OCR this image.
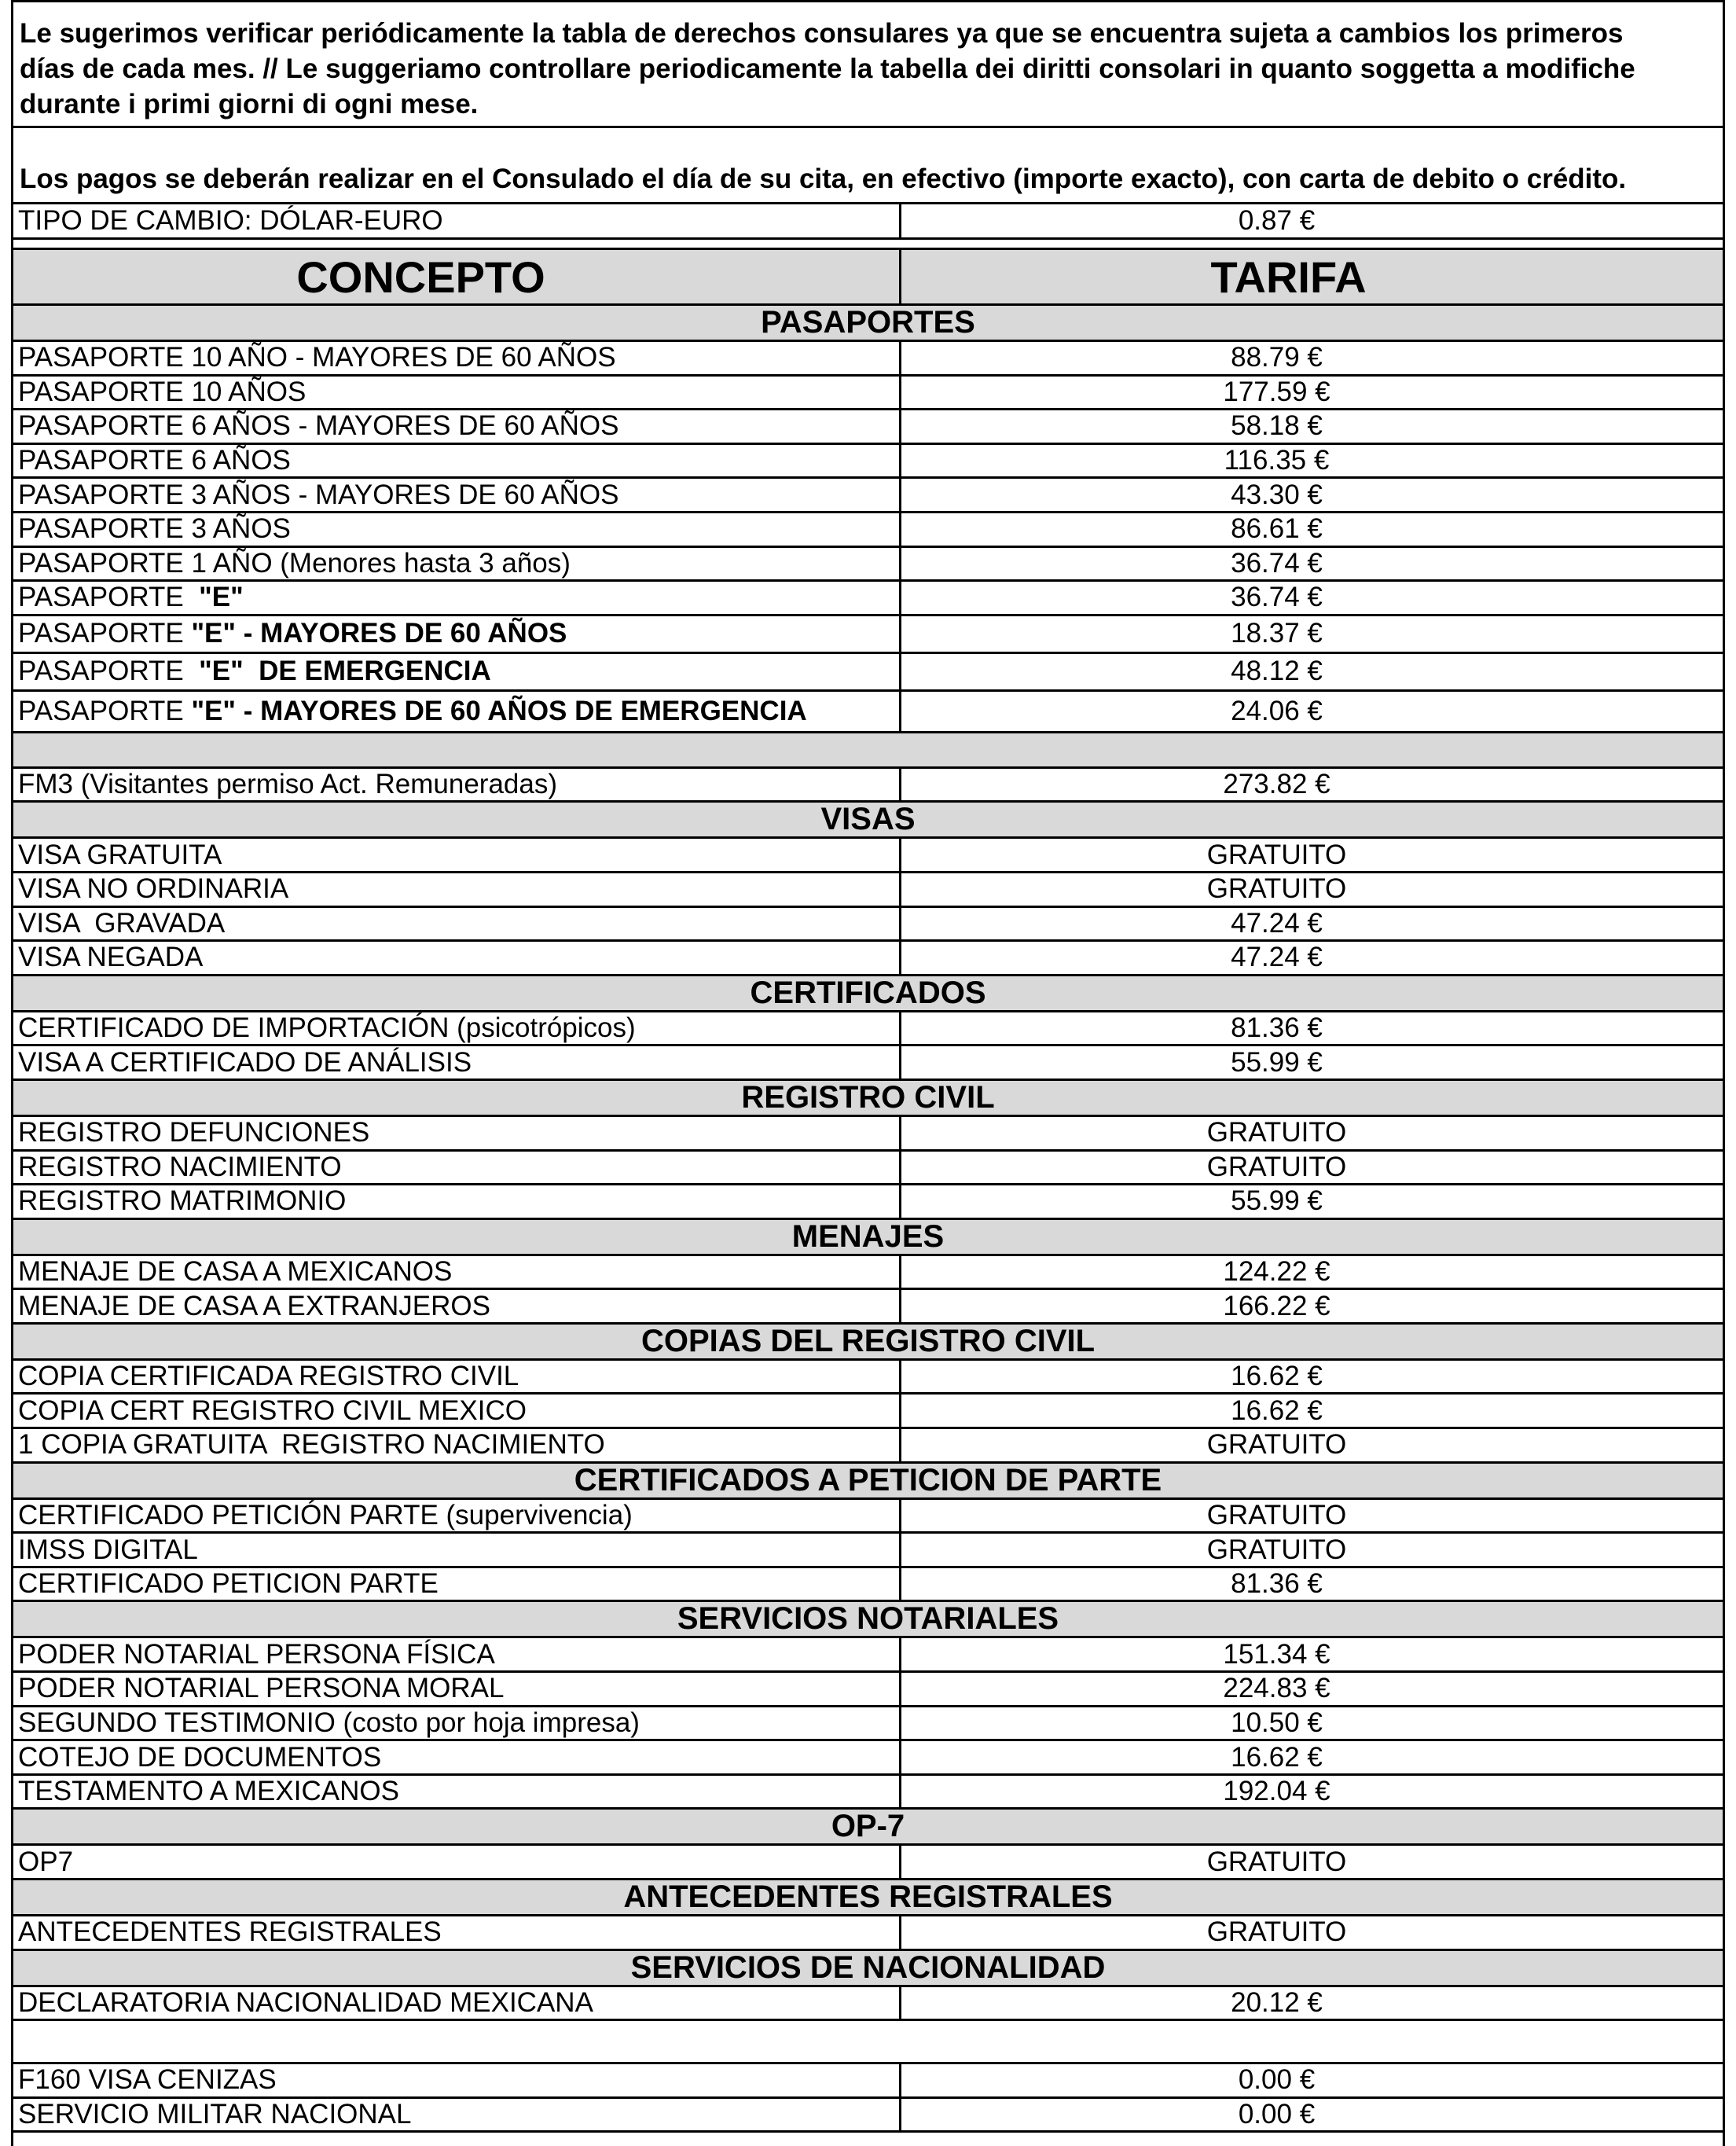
Le sugerimos verificar periódicamente la tabla de derechos consulares ya que se encuentra sujeta a cambios los primeros
días de cada mes. // Le suggeriamo controllare periodicamente la tabella dei diritti consolari in quanto soggetta a modifiche
durante i primi giorni di ogni mese.
Los pagos se deberán realizar en el Consulado el día de su cita, en efectivo (importe exacto), con carta de debito o crédito.
TIPO DE CAMBIO: DÓLAR-EURO	0.87 €
CONCEPTO	TARIFA
PASAPORTES
PASAPORTE 10 AÑO - MAYORES DE 60 AÑOS	88.79 €
PASAPORTE 10 AÑOS	177.59 €
PASAPORTE 6 AÑOS - MAYORES DE 60 AÑOS	58.18 €
PASAPORTE 6 AÑOS	116.35 €
PASAPORTE 3 AÑOS - MAYORES DE 60 AÑOS	43.30 €
PASAPORTE 3 AÑOS	86.61 €
PASAPORTE 1 AÑO (Menores hasta 3 años)	36.74 €
PASAPORTE "E"	36.74 €
PASAPORTE "E" - MAYORES DE 60 AÑOS	18.37 €
PASAPORTE "E"  DE EMERGENCIA	48.12 €
PASAPORTE "E" - MAYORES DE 60 AÑOS DE EMERGENCIA	24.06 €
FM3 (Visitantes permiso Act. Remuneradas)	273.82 €
VISAS
VISA GRATUITA	GRATUITO
VISA NO ORDINARIA	GRATUITO
VISA  GRAVADA	47.24 €
VISA NEGADA	47.24 €
CERTIFICADOS
CERTIFICADO DE IMPORTACIÓN (psicotrópicos)	81.36 €
VISA A CERTIFICADO DE ANÁLISIS	55.99 €
REGISTRO CIVIL
REGISTRO DEFUNCIONES	GRATUITO
REGISTRO NACIMIENTO	GRATUITO
REGISTRO MATRIMONIO	55.99 €
MENAJES
MENAJE DE CASA A MEXICANOS	124.22 €
MENAJE DE CASA A EXTRANJEROS	166.22 €
COPIAS DEL REGISTRO CIVIL
COPIA CERTIFICADA REGISTRO CIVIL	16.62 €
COPIA CERT REGISTRO CIVIL MEXICO	16.62 €
1 COPIA GRATUITA  REGISTRO NACIMIENTO	GRATUITO
CERTIFICADOS A PETICION DE PARTE
CERTIFICADO PETICIÓN PARTE (supervivencia)	GRATUITO
IMSS DIGITAL	GRATUITO
CERTIFICADO PETICION PARTE	81.36 €
SERVICIOS NOTARIALES
PODER NOTARIAL PERSONA FÍSICA	151.34 €
PODER NOTARIAL PERSONA MORAL	224.83 €
SEGUNDO TESTIMONIO (costo por hoja impresa)	10.50 €
COTEJO DE DOCUMENTOS	16.62 €
TESTAMENTO A MEXICANOS	192.04 €
OP-7
OP7	GRATUITO
ANTECEDENTES REGISTRALES
ANTECEDENTES REGISTRALES	GRATUITO
SERVICIOS DE NACIONALIDAD
DECLARATORIA NACIONALIDAD MEXICANA	20.12 €
F160 VISA CENIZAS	0.00 €
SERVICIO MILITAR NACIONAL	0.00 €
